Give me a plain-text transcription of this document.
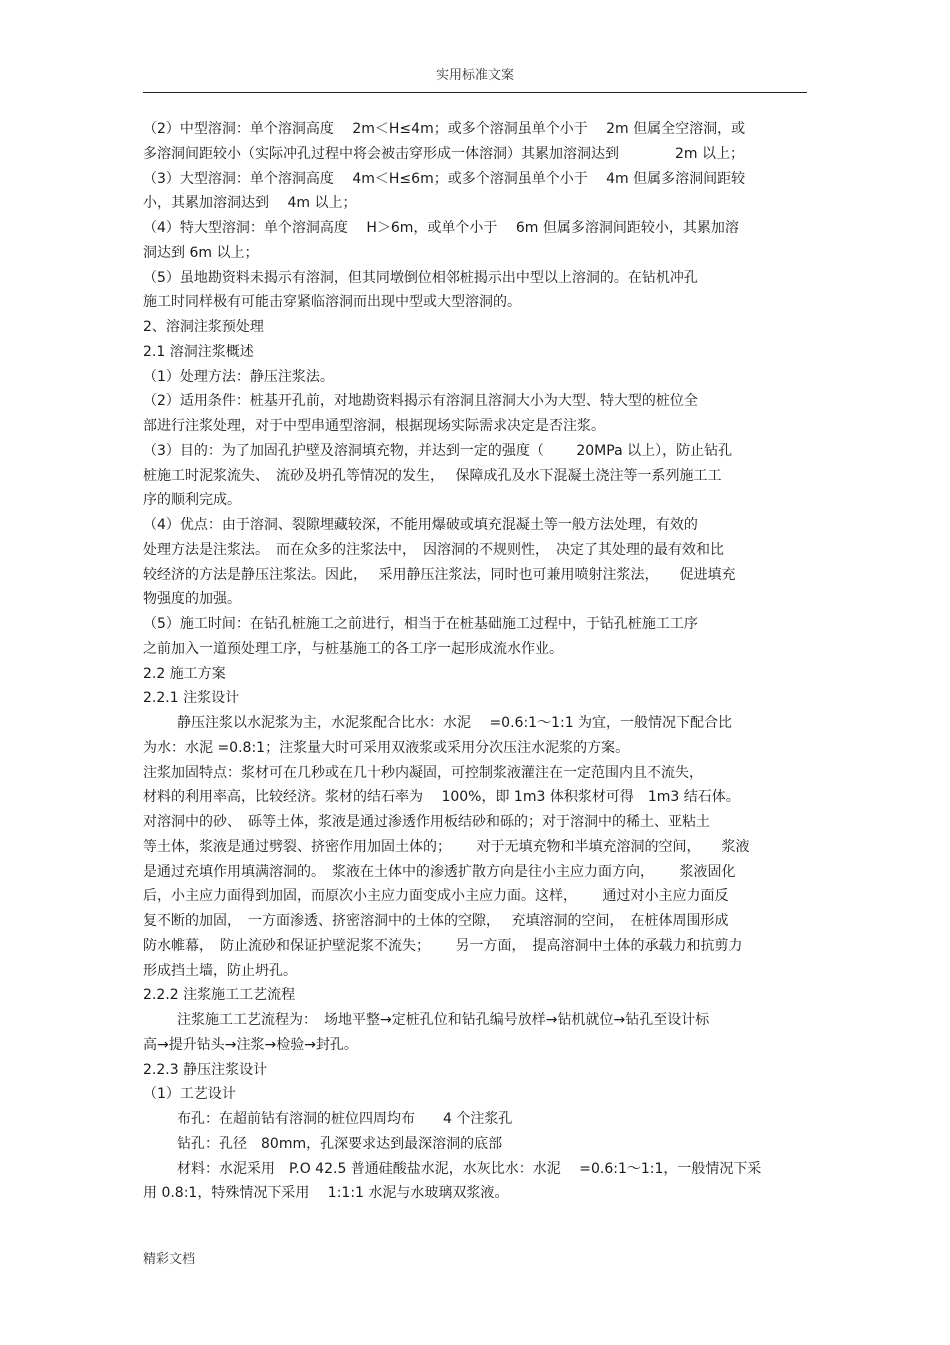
实用标准文案
（2）中型溶洞：单个溶洞高度　 2m＜H≤4m；或多个溶洞虽单个小于　 2m 但属全空溶洞，或
多溶洞间距较小（实际冲孔过程中将会被击穿形成一体溶洞）其累加溶洞达到　　　　2m 以上；
（3）大型溶洞：单个溶洞高度　 4m＜H≤6m；或多个溶洞虽单个小于　 4m 但属多溶洞间距较
小，其累加溶洞达到　 4m 以上；
（4）特大型溶洞：单个溶洞高度　 H＞6m，或单个小于　 6m 但属多溶洞间距较小，其累加溶
洞达到 6m 以上；
（5）虽地勘资料未揭示有溶洞，但其同墩倒位相邻桩揭示出中型以上溶洞的。在钻机冲孔
施工时同样极有可能击穿紧临溶洞而出现中型或大型溶洞的。
2、溶洞注浆预处理
2.1 溶洞注浆概述
（1）处理方法：静压注浆法。
（2）适用条件：桩基开孔前，对地勘资料揭示有溶洞且溶洞大小为大型、特大型的桩位全
部进行注浆处理，对于中型串通型溶洞，根据现场实际需求决定是否注浆。
（3）目的：为了加固孔护壁及溶洞填充物，并达到一定的强度（　　 20MPa 以上），防止钻孔
桩施工时泥浆流失、　流砂及坍孔等情况的发生，　 保障成孔及水下混凝土浇注等一系列施工工
序的顺利完成。
（4）优点：由于溶洞、裂隙埋藏较深，不能用爆破或填充混凝土等一般方法处理，有效的
处理方法是注浆法。　而在众多的注浆法中，　因溶洞的不规则性，　决定了其处理的最有效和比
较经济的方法是静压注浆法。因此，　 采用静压注浆法，同时也可兼用喷射注浆法，　　促进填充
物强度的加强。
（5）施工时间：在钻孔桩施工之前进行，相当于在桩基础施工过程中，于钻孔桩施工工序
之前加入一道预处理工序，与桩基施工的各工序一起形成流水作业。
2.2 施工方案
2.2.1 注浆设计
静压注浆以水泥浆为主，水泥浆配合比水：水泥　 =0.6:1～1:1 为宜，一般情况下配合比
为水：水泥 =0.8:1；注浆量大时可采用双液浆或采用分次压注水泥浆的方案。
注浆加固特点：浆材可在几秒或在几十秒内凝固，可控制浆液灌注在一定范围内且不流失，
材料的利用率高，比较经济。浆材的结石率为　 100%，即 1m3 体积浆材可得　1m3 结石体。
对溶洞中的砂、　砾等土体，浆液是通过渗透作用板结砂和砾的；对于溶洞中的稀土、亚粘土
等土体，浆液是通过劈裂、挤密作用加固土体的；　　 对于无填充物和半填充溶洞的空间，　　浆液
是通过充填作用填满溶洞的。　浆液在土体中的渗透扩散方向是往小主应力面方向，　　 浆液固化
后，小主应力面得到加固，而原次小主应力面变成小主应力面。这样，　　 通过对小主应力面反
复不断的加固，　一方面渗透、挤密溶洞中的土体的空隙，　 充填溶洞的空间，　在桩体周围形成
防水帷幕，　防止流砂和保证护壁泥浆不流失；　　 另一方面，　提高溶洞中土体的承载力和抗剪力
形成挡土墙，防止坍孔。
2.2.2 注浆施工工艺流程
注浆施工工艺流程为：　场地平整→定桩孔位和钻孔编号放样→钻机就位→钻孔至设计标
高→提升钻头→注浆→检验→封孔。
2.2.3 静压注浆设计
（1）工艺设计
布孔：在超前钻有溶洞的桩位四周均布　　4 个注浆孔
钻孔：孔径　80mm，孔深要求达到最深溶洞的底部
材料：水泥采用　P.O 42.5 普通硅酸盐水泥，水灰比水：水泥　 =0.6:1～1:1，一般情况下采
用 0.8:1，特殊情况下采用　 1:1:1 水泥与水玻璃双浆液。
精彩文档
